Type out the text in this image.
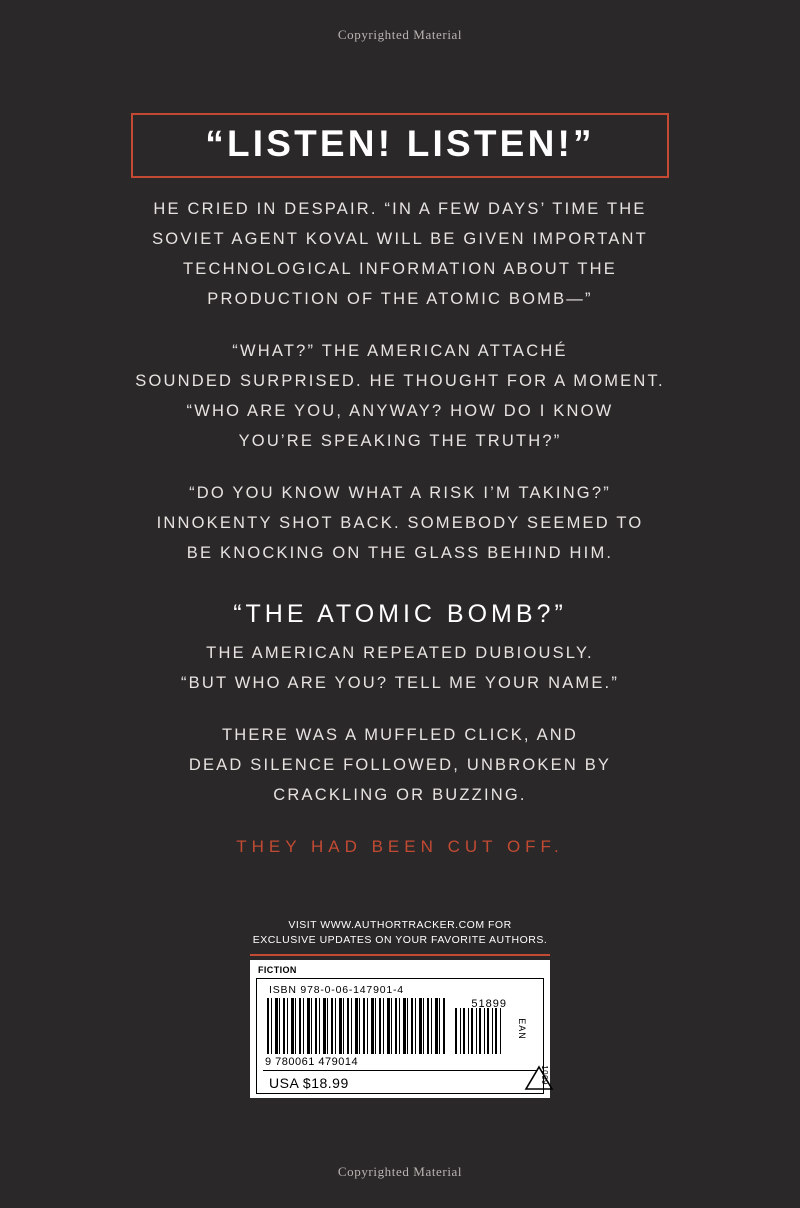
Copyrighted Material
“LISTEN! LISTEN!”

HE CRIED IN DESPAIR. “IN A FEW DAYS’ TIME THE
SOVIET AGENT KOVAL WILL BE GIVEN IMPORTANT
TECHNOLOGICAL INFORMATION ABOUT THE
PRODUCTION OF THE ATOMIC BOMB—”

“WHAT?” THE AMERICAN ATTACHÉ
SOUNDED SURPRISED. HE THOUGHT FOR A MOMENT.
“WHO ARE YOU, ANYWAY? HOW DO I KNOW
YOU’RE SPEAKING THE TRUTH?”

“DO YOU KNOW WHAT A RISK I’M TAKING?”
INNOKENTY SHOT BACK. SOMEBODY SEEMED TO
BE KNOCKING ON THE GLASS BEHIND HIM.

“THE ATOMIC BOMB?”
THE AMERICAN REPEATED DUBIOUSLY.
“BUT WHO ARE YOU? TELL ME YOUR NAME.”

THERE WAS A MUFFLED CLICK, AND
DEAD SILENCE FOLLOWED, UNBROKEN BY
CRACKLING OR BUZZING.

THEY HAD BEEN CUT OFF.
VISIT WWW.AUTHORTRACKER.COM FOR
EXCLUSIVE UPDATES ON YOUR FAVORITE AUTHORS.
FICTION
ISBN 978-0-06-147901-4
51899
EAN
9 780061 479014
USA $18.99	1009
Copyrighted Material
